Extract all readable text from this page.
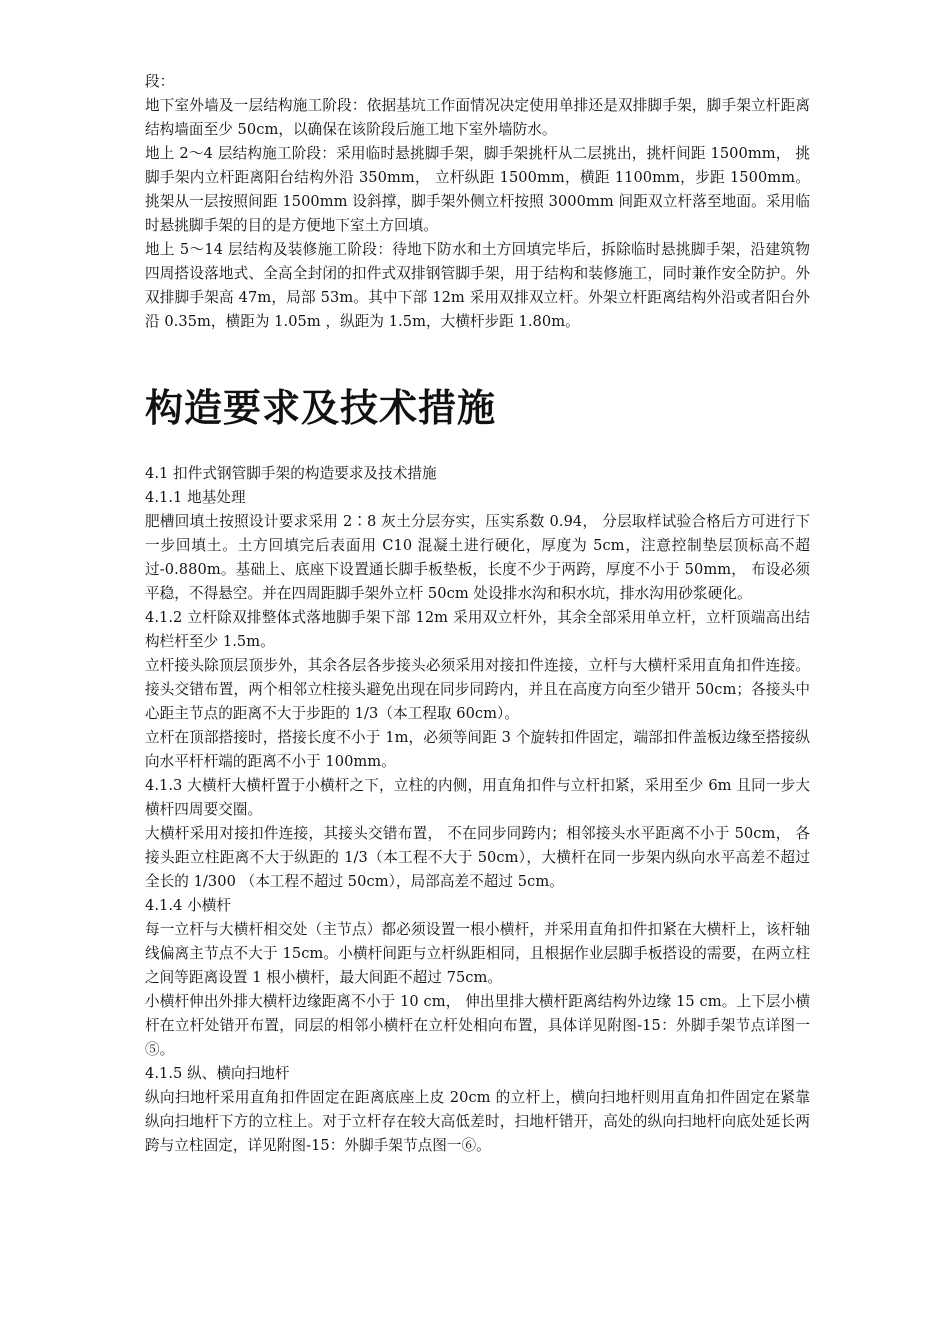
段：

地下室外墙及一层结构施工阶段：依据基坑工作面情况决定使用单排还是双排脚手架，脚手架立杆距离结构墙面至少 50cm，以确保在该阶段后施工地下室外墙防水。

地上 2～4 层结构施工阶段：采用临时悬挑脚手架，脚手架挑杆从二层挑出，挑杆间距 1500mm， 挑脚手架内立杆距离阳台结构外沿 350mm， 立杆纵距 1500mm，横距 1100mm，步距 1500mm。挑架从一层按照间距 1500mm 设斜撑，脚手架外侧立杆按照 3000mm 间距双立杆落至地面。采用临时悬挑脚手架的目的是方便地下室土方回填。

地上 5～14 层结构及装修施工阶段：待地下防水和土方回填完毕后，拆除临时悬挑脚手架，沿建筑物四周搭设落地式、全高全封闭的扣件式双排钢管脚手架，用于结构和装修施工，同时兼作安全防护。外双排脚手架高 47m，局部 53m。其中下部 12m 采用双排双立杆。外架立杆距离结构外沿或者阳台外沿 0.35m，横距为 1.05m ，纵距为 1.5m，大横杆步距 1.80m。

构造要求及技术措施

4.1 扣件式钢管脚手架的构造要求及技术措施

4.1.1 地基处理

肥槽回填土按照设计要求采用 2∶8 灰土分层夯实，压实系数 0.94， 分层取样试验合格后方可进行下一步回填土。土方回填完后表面用 C10 混凝土进行硬化，厚度为 5cm，注意控制垫层顶标高不超过-0.880m。基础上、底座下设置通长脚手板垫板，长度不少于两跨，厚度不小于 50mm， 布设必须平稳，不得悬空。并在四周距脚手架外立杆 50cm 处设排水沟和积水坑，排水沟用砂浆硬化。

4.1.2 立杆除双排整体式落地脚手架下部 12m 采用双立杆外，其余全部采用单立杆，立杆顶端高出结构栏杆至少 1.5m。

立杆接头除顶层顶步外，其余各层各步接头必须采用对接扣件连接，立杆与大横杆采用直角扣件连接。接头交错布置，两个相邻立柱接头避免出现在同步同跨内，并且在高度方向至少错开 50cm；各接头中心距主节点的距离不大于步距的 1/3（本工程取 60cm）。

立杆在顶部搭接时，搭接长度不小于 1m，必须等间距 3 个旋转扣件固定，端部扣件盖板边缘至搭接纵向水平杆杆端的距离不小于 100mm。

4.1.3 大横杆大横杆置于小横杆之下，立柱的内侧，用直角扣件与立杆扣紧，采用至少 6m 且同一步大横杆四周要交圈。

大横杆采用对接扣件连接，其接头交错布置， 不在同步同跨内；相邻接头水平距离不小于 50cm， 各接头距立柱距离不大于纵距的 1/3（本工程不大于 50cm），大横杆在同一步架内纵向水平高差不超过全长的 1/300 （本工程不超过 50cm），局部高差不超过 5cm。

4.1.4 小横杆

每一立杆与大横杆相交处（主节点）都必须设置一根小横杆，并采用直角扣件扣紧在大横杆上，该杆轴线偏离主节点不大于 15cm。小横杆间距与立杆纵距相同，且根据作业层脚手板搭设的需要，在两立柱之间等距离设置 1 根小横杆，最大间距不超过 75cm。

小横杆伸出外排大横杆边缘距离不小于 10 cm， 伸出里排大横杆距离结构外边缘 15 cm。上下层小横杆在立杆处错开布置，同层的相邻小横杆在立杆处相向布置，具体详见附图-15：外脚手架节点详图一⑤。

4.1.5 纵、横向扫地杆

纵向扫地杆采用直角扣件固定在距离底座上皮 20cm 的立杆上，横向扫地杆则用直角扣件固定在紧靠纵向扫地杆下方的立柱上。对于立杆存在较大高低差时，扫地杆错开，高处的纵向扫地杆向底处延长两跨与立柱固定，详见附图-15：外脚手架节点图一⑥。
